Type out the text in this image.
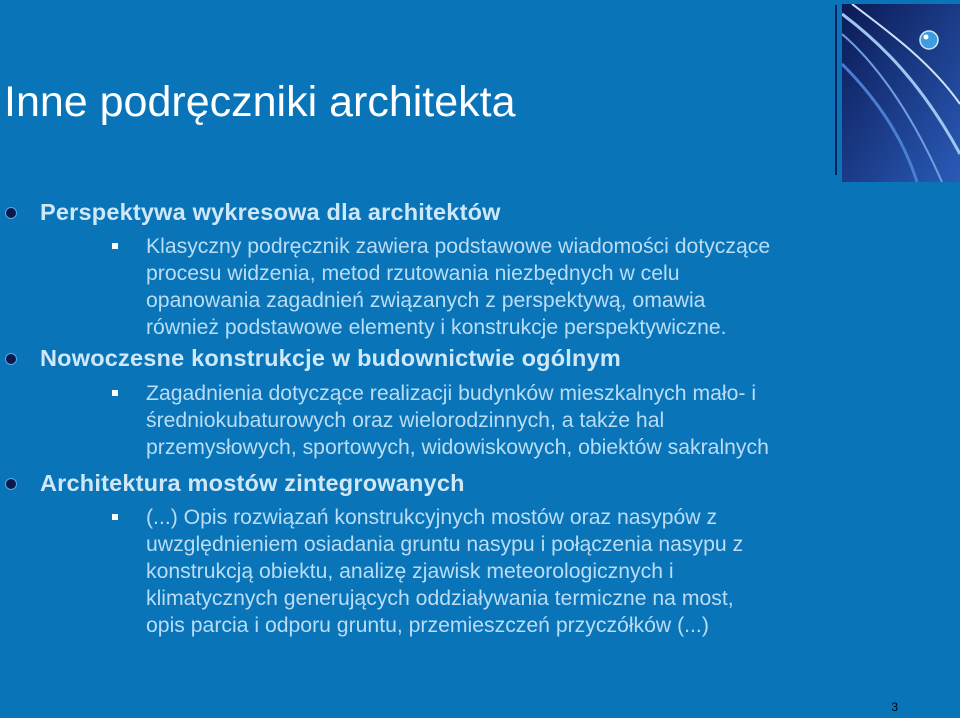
Inne podręczniki architekta
Perspektywa wykresowa dla architektów
Klasyczny podręcznik zawiera podstawowe wiadomości dotyczące
procesu widzenia, metod rzutowania niezbędnych w celu
opanowania zagadnień związanych z perspektywą, omawia
również podstawowe elementy i konstrukcje perspektywiczne.
Nowoczesne konstrukcje w budownictwie ogólnym
Zagadnienia dotyczące realizacji budynków mieszkalnych mało- i
średniokubaturowych oraz wielorodzinnych, a także hal
przemysłowych, sportowych, widowiskowych, obiektów sakralnych
Architektura mostów zintegrowanych
(...) Opis rozwiązań konstrukcyjnych mostów oraz nasypów z
uwzględnieniem osiadania gruntu nasypu i połączenia nasypu z
konstrukcją obiektu, analizę zjawisk meteorologicznych i
klimatycznych generujących oddziaływania termiczne na most,
opis parcia i odporu gruntu, przemieszczeń przyczółków (...)
3
